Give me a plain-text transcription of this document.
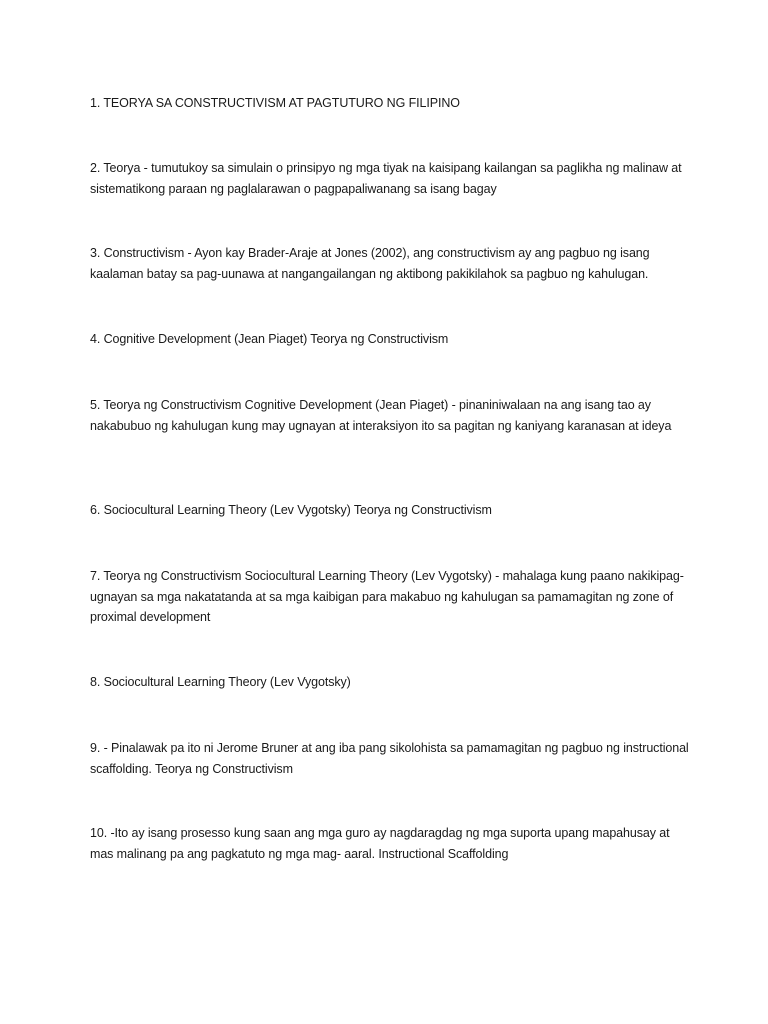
1. TEORYA SA CONSTRUCTIVISM AT PAGTUTURO NG FILIPINO

2. Teorya - tumutukoy sa simulain o prinsipyo ng mga tiyak na kaisipang kailangan sa paglikha ng malinaw at sistematikong paraan ng paglalarawan o pagpapaliwanang sa isang bagay

3. Constructivism - Ayon kay Brader-Araje at Jones (2002), ang constructivism ay ang pagbuo ng isang kaalaman batay sa pag-uunawa at nangangailangan ng aktibong pakikilahok sa pagbuo ng kahulugan.

4. Cognitive Development (Jean Piaget) Teorya ng Constructivism

5. Teorya ng Constructivism Cognitive Development (Jean Piaget) - pinaniniwalaan na ang isang tao ay nakabubuo ng kahulugan kung may ugnayan at interaksiyon ito sa pagitan ng kaniyang karanasan at ideya

6. Sociocultural Learning Theory (Lev Vygotsky) Teorya ng Constructivism

7. Teorya ng Constructivism Sociocultural Learning Theory (Lev Vygotsky) - mahalaga kung paano nakikipag-ugnayan sa mga nakatatanda at sa mga kaibigan para makabuo ng kahulugan sa pamamagitan ng zone of proximal development

8. Sociocultural Learning Theory (Lev Vygotsky)

9. - Pinalawak pa ito ni Jerome Bruner at ang iba pang sikolohista sa pamamagitan ng pagbuo ng instructional scaffolding. Teorya ng Constructivism

10. -Ito ay isang prosesso kung saan ang mga guro ay nagdaragdag ng mga suporta upang mapahusay at mas malinang pa ang pagkatuto ng mga mag- aaral. Instructional Scaffolding
